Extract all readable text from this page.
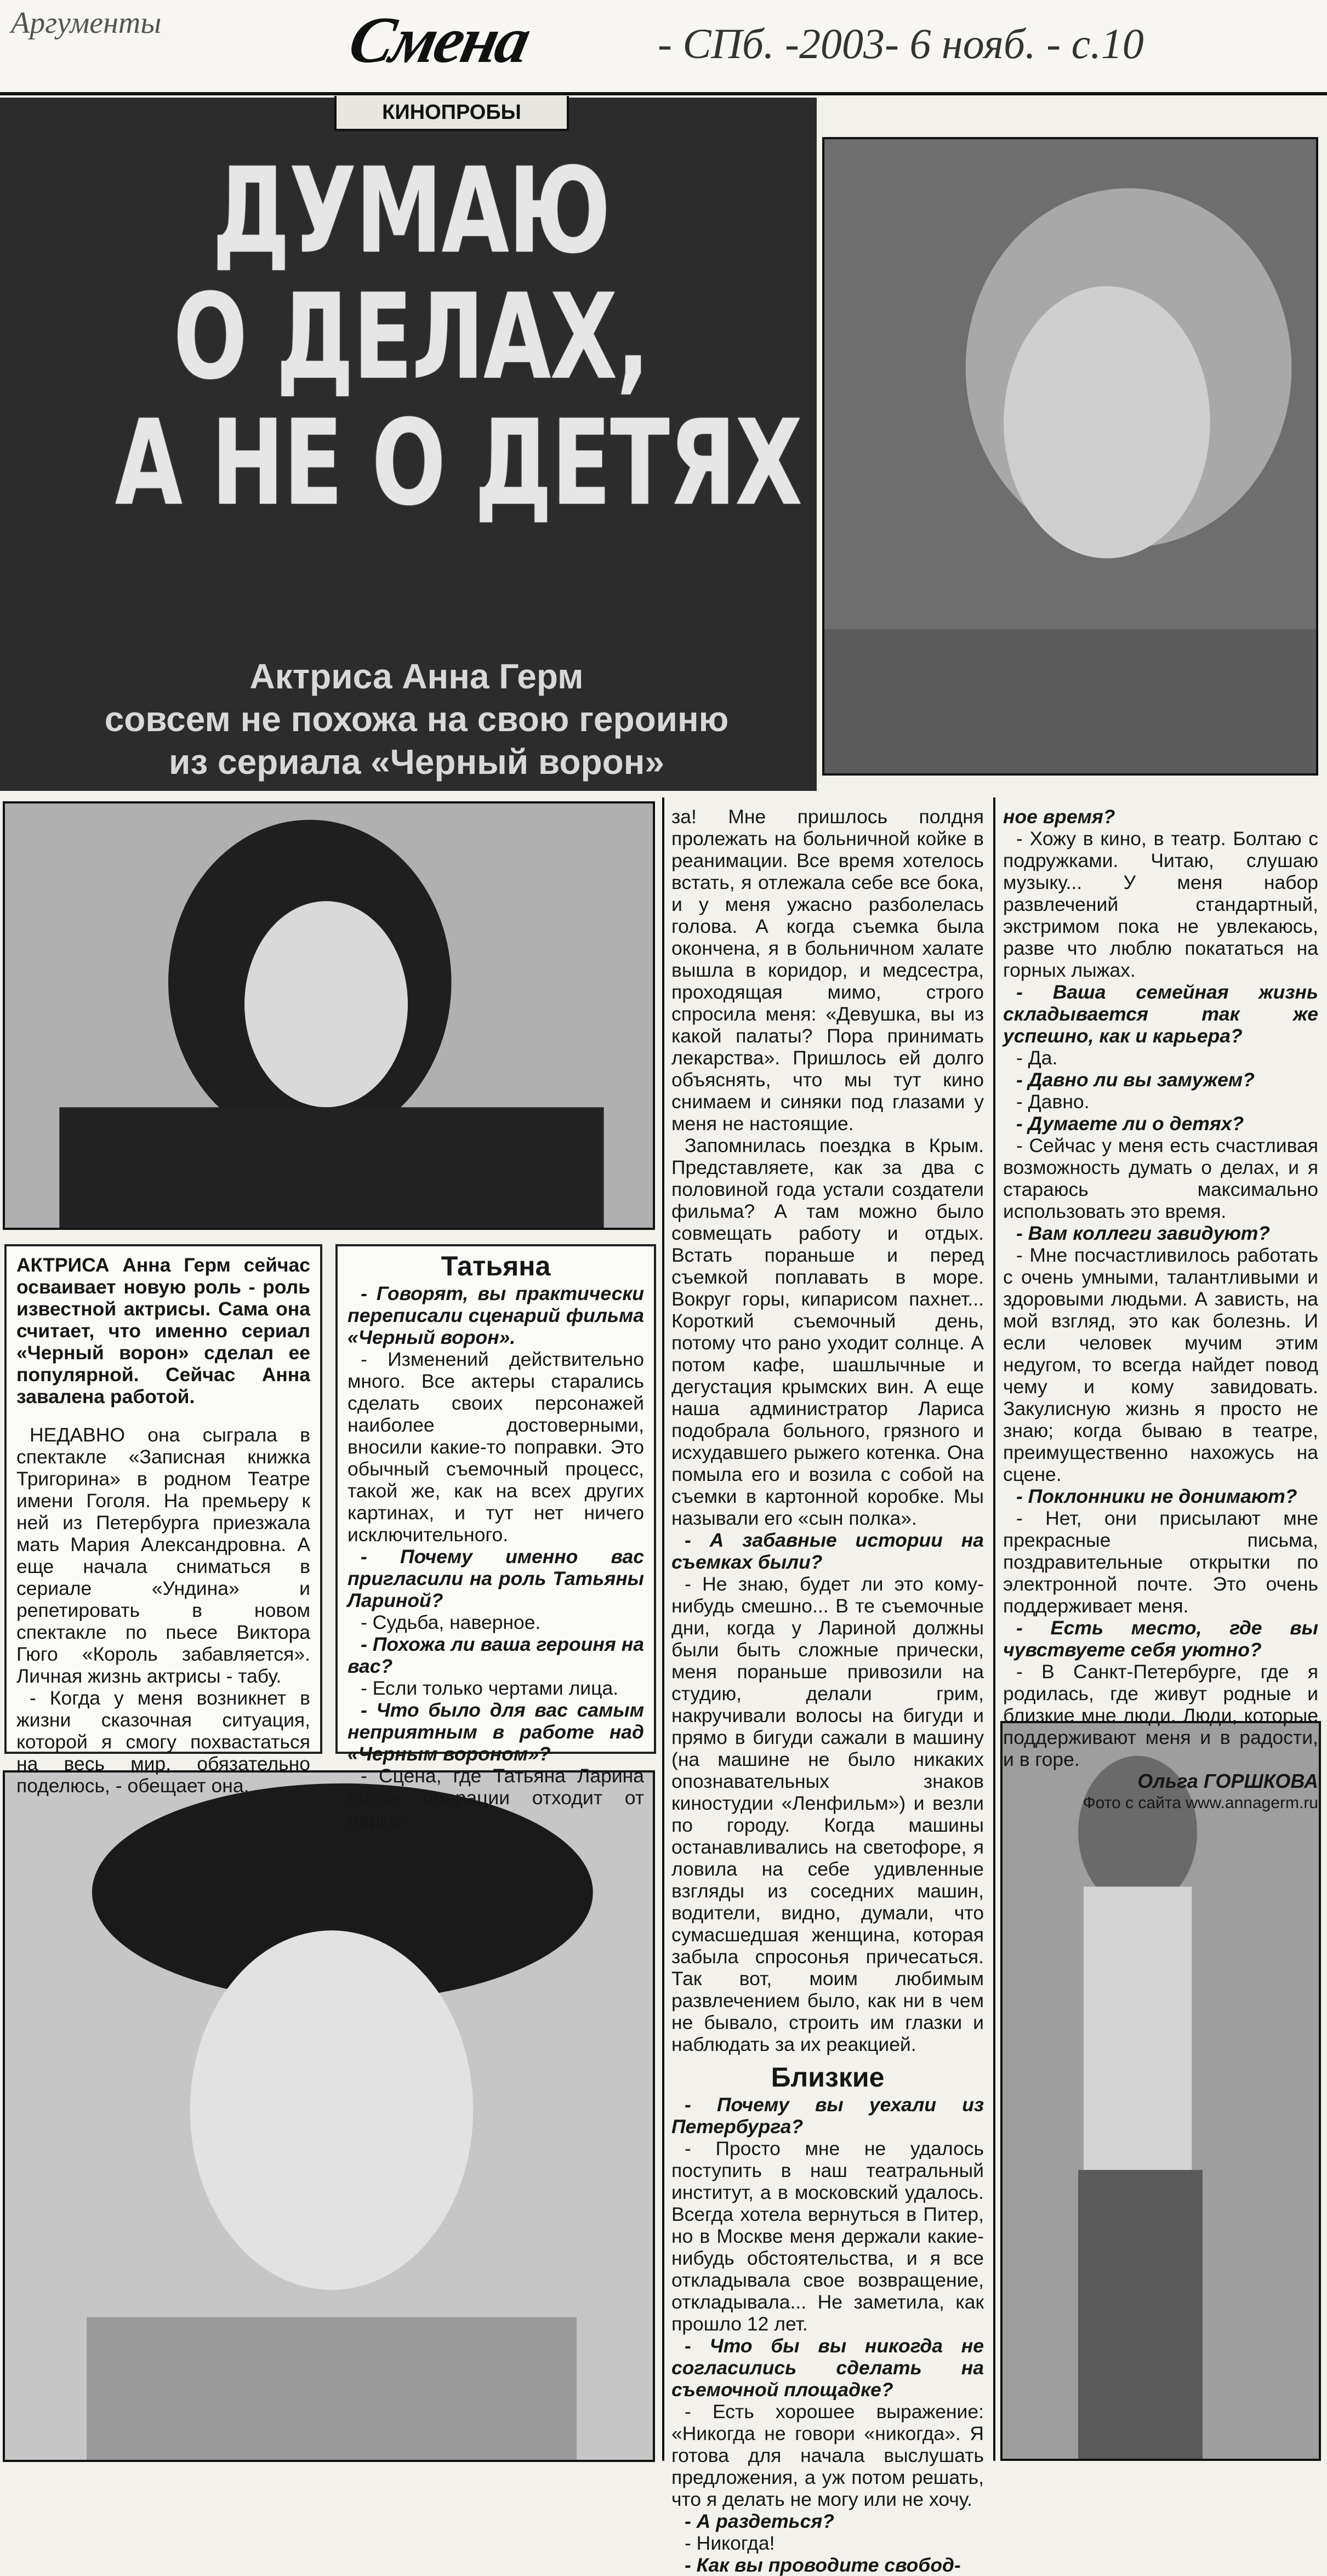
Аргументы	Смена	- СПб. -2003- 6 нояб. - с.10
КИНОПРОБЫ
ДУМАЮ
О ДЕЛАХ,
А НЕ О ДЕТЯХ
Актриса Анна Герм
совсем не похожа на свою героиню
из сериала «Черный ворон»

АКТРИСА Анна Герм сейчас осваивает новую роль - роль известной актрисы. Сама она считает, что именно сериал «Черный ворон» сделал ее популярной. Сейчас Анна завалена работой.

НЕДАВНО она сыграла в спектакле «Записная книжка Тригорина» в родном Театре имени Гоголя. На премьеру к ней из Петербурга приезжала мать Мария Александровна. А еще начала сниматься в сериале «Ундина» и репетировать в новом спектакле по пьесе Виктора Гюго «Король забавляется». Личная жизнь актрисы - табу.

- Когда у меня возникнет в жизни сказочная ситуация, которой я смогу похвастаться на весь мир, обязательно поделюсь, - обещает она.

Татьяна

- Говорят, вы практически переписали сценарий фильма «Черный ворон».

- Изменений действительно много. Все актеры старались сделать своих персонажей наиболее достоверными, вносили какие-то поправки. Это обычный съемочный процесс, такой же, как на всех других картинах, и тут нет ничего исключительного.

- Почему именно вас пригласили на роль Татьяны Лариной?

- Судьба, наверное.

- Похожа ли ваша героиня на вас?

- Если только чертами лица.

- Что было для вас самым неприятным в работе над «Черным вороном»?

- Сцена, где Татьяна Ларина после операции отходит от нарко-

за! Мне пришлось полдня пролежать на больничной койке в реанимации. Все время хотелось встать, я отлежала себе все бока, и у меня ужасно разболелась голова. А когда съемка была окончена, я в больничном халате вышла в коридор, и медсестра, проходящая мимо, строго спросила меня: «Девушка, вы из какой палаты? Пора принимать лекарства». Пришлось ей долго объяснять, что мы тут кино снимаем и синяки под глазами у меня не настоящие.

Запомнилась поездка в Крым. Представляете, как за два с половиной года устали создатели фильма? А там можно было совмещать работу и отдых. Встать пораньше и перед съемкой поплавать в море. Вокруг горы, кипарисом пахнет... Короткий съемочный день, потому что рано уходит солнце. А потом кафе, шашлычные и дегустация крымских вин. А еще наша администратор Лариса подобрала больного, грязного и исхудавшего рыжего котенка. Она помыла его и возила с собой на съемки в картонной коробке. Мы называли его «сын полка».

- А забавные истории на съемках были?

- Не знаю, будет ли это кому-нибудь смешно... В те съемочные дни, когда у Лариной должны были быть сложные прически, меня пораньше привозили на студию, делали грим, накручивали волосы на бигуди и прямо в бигуди сажали в машину (на машине не было никаких опознавательных знаков киностудии «Ленфильм») и везли по городу. Когда машины останавливались на светофоре, я ловила на себе удивленные взгляды из соседних машин, водители, видно, думали, что сумасшедшая женщина, которая забыла спросонья причесаться. Так вот, моим любимым развлечением было, как ни в чем не бывало, строить им глазки и наблюдать за их реакцией.

Близкие

- Почему вы уехали из Петербурга?

- Просто мне не удалось поступить в наш театральный институт, а в московский удалось. Всегда хотела вернуться в Питер, но в Москве меня держали какие-нибудь обстоятельства, и я все откладывала свое возвращение, откладывала... Не заметила, как прошло 12 лет.

- Что бы вы никогда не согласились сделать на съемочной площадке?

- Есть хорошее выражение: «Никогда не говори «никогда». Я готова для начала выслушать предложения, а уж потом решать, что я делать не могу или не хочу.

- А раздеться?

- Никогда!

- Как вы проводите свобод-

ное время?

- Хожу в кино, в театр. Болтаю с подружками. Читаю, слушаю музыку... У меня набор развлечений стандартный, экстримом пока не увлекаюсь, разве что люблю покататься на горных лыжах.

- Ваша семейная жизнь складывается так же успешно, как и карьера?

- Да.

- Давно ли вы замужем?

- Давно.

- Думаете ли о детях?

- Сейчас у меня есть счастливая возможность думать о делах, и я стараюсь максимально использовать это время.

- Вам коллеги завидуют?

- Мне посчастливилось работать с очень умными, талантливыми и здоровыми людьми. А зависть, на мой взгляд, это как болезнь. И если человек мучим этим недугом, то всегда найдет повод чему и кому завидовать. Закулисную жизнь я просто не знаю; когда бываю в театре, преимущественно нахожусь на сцене.

- Поклонники не донимают?

- Нет, они присылают мне прекрасные письма, поздравительные открытки по электронной почте. Это очень поддерживает меня.

- Есть место, где вы чувствуете себя уютно?

- В Санкт-Петербурге, где я родилась, где живут родные и близкие мне люди. Люди, которые поддерживают меня и в радости, и в горе.

Ольга ГОРШКОВА
Фото с сайта www.annagerm.ru
